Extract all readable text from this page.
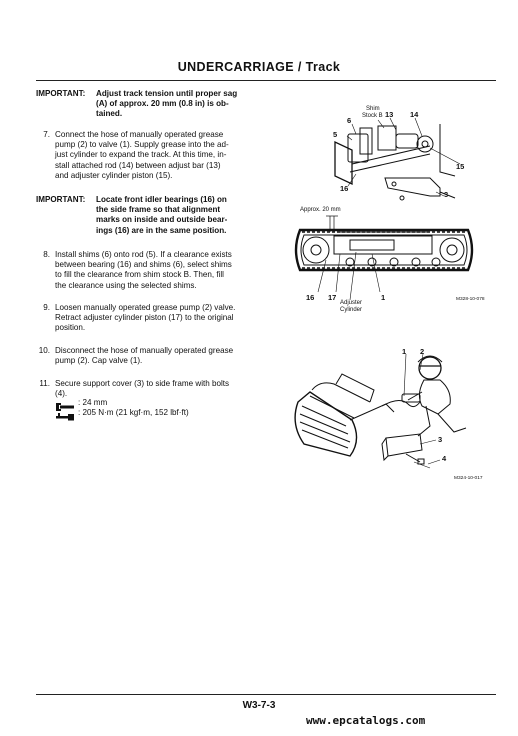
UNDERCARRIAGE / Track
IMPORTANT: Adjust track tension until proper sag
(A) of approx. 20 mm (0.8 in) is ob-
tained.
7. Connect the hose of manually operated grease
pump (2) to valve (1). Supply grease into the ad-
just cylinder to expand the track. At this time, in-
stall attached rod (14) between adjust bar (13)
and adjuster cylinder piston (15).
IMPORTANT: Locate front idler bearings (16) on
the side frame so that alignment
marks on inside and outside bear-
ings (16) are in the same position.
8. Install shims (6) onto rod (5). If a clearance exists
between bearing (16) and shims (6), select shims
to fill the clearance from shim stock B. Then, fill
the clearance using the selected shims.
9. Loosen manually operated grease pump (2) valve.
Retract adjuster cylinder piston (17) to the original
position.
10. Disconnect the hose of manually operated grease
pump (2). Cap valve (1).
11. Secure support cover (3) to side frame with bolts
(4).
: 24 mm
: 205 N·m (21 kgf·m, 152 lbf·ft)
5
6
Shim
Stock B 13 14
15
16
3
Approx. 20 mm
16 17	1
Adjuster
Cylinder
M328-10-078
1 2
3
4
M324-10-017
W3-7-3
www.epcatalogs.com
